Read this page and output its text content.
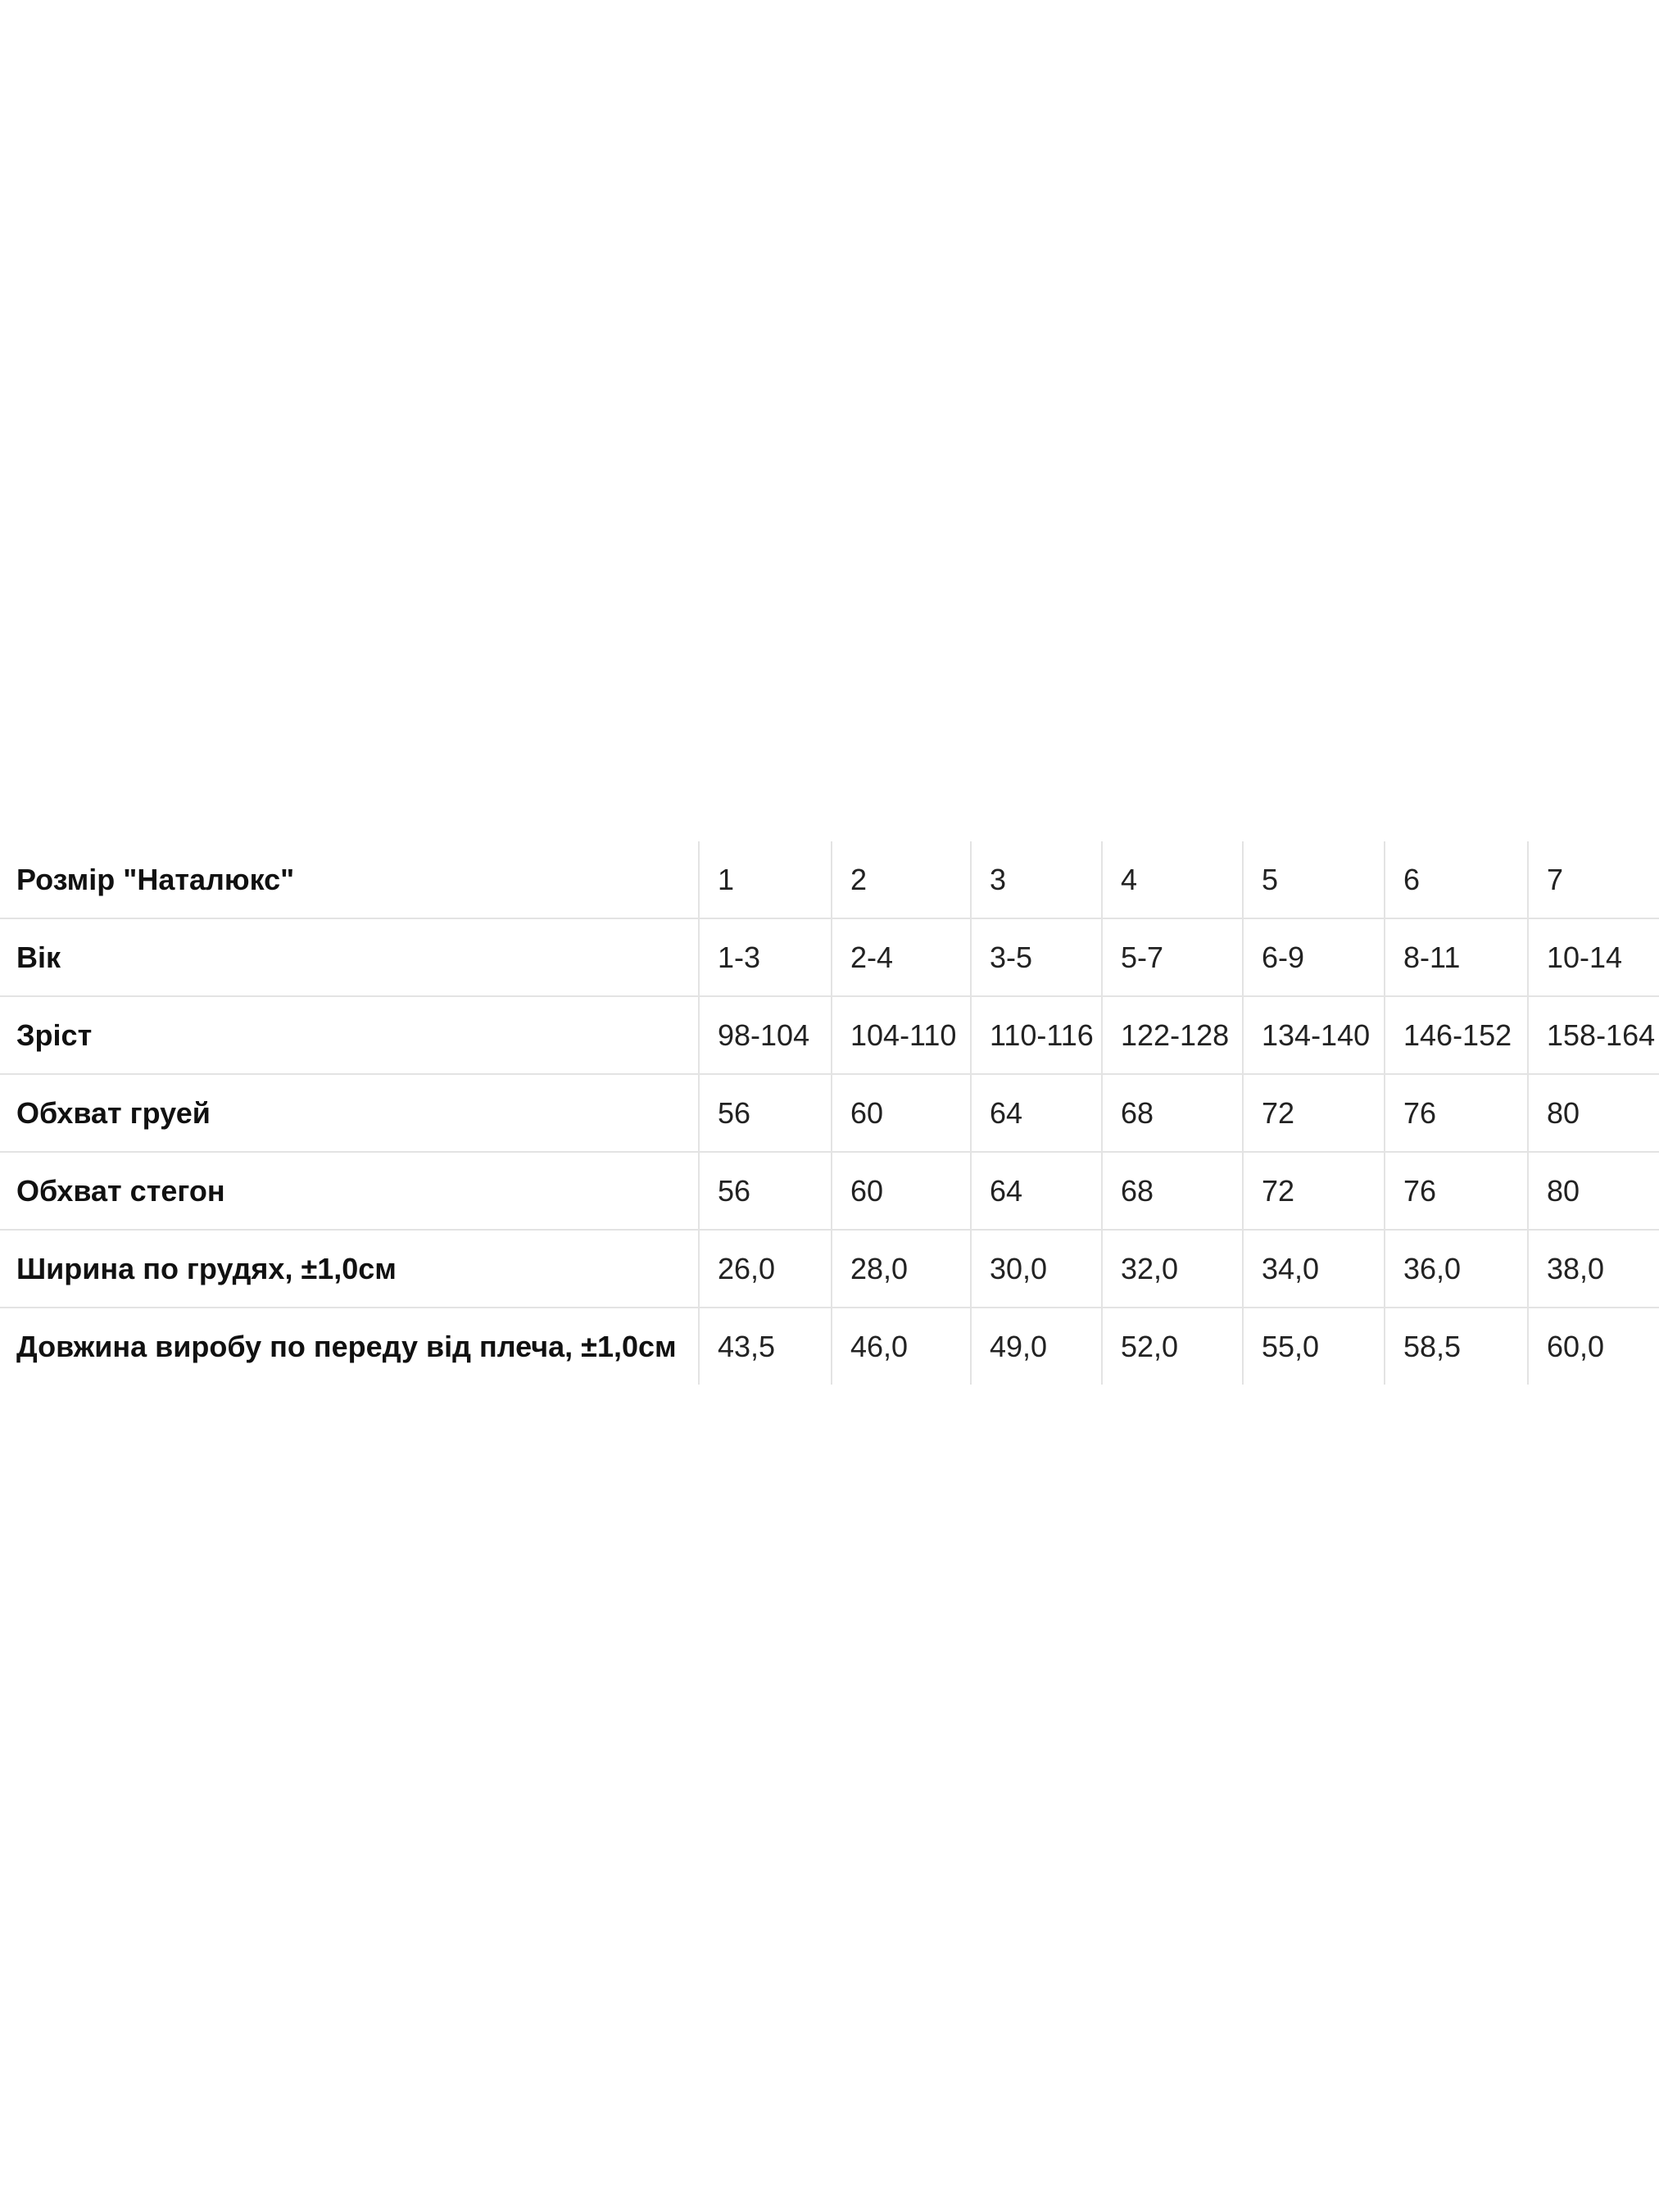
Розмір "Наталюкс"	1	2	3	4	5	6	7
Вік	1-3	2-4	3-5	5-7	6-9	8-11	10-14
Зріст	98-104	104-110	110-116	122-128	134-140	146-152	158-164
Обхват груей	56	60	64	68	72	76	80
Обхват стегон	56	60	64	68	72	76	80
Ширина по грудях, ±1,0см	26,0	28,0	30,0	32,0	34,0	36,0	38,0
Довжина виробу по переду від плеча, ±1,0см	43,5	46,0	49,0	52,0	55,0	58,5	60,0
